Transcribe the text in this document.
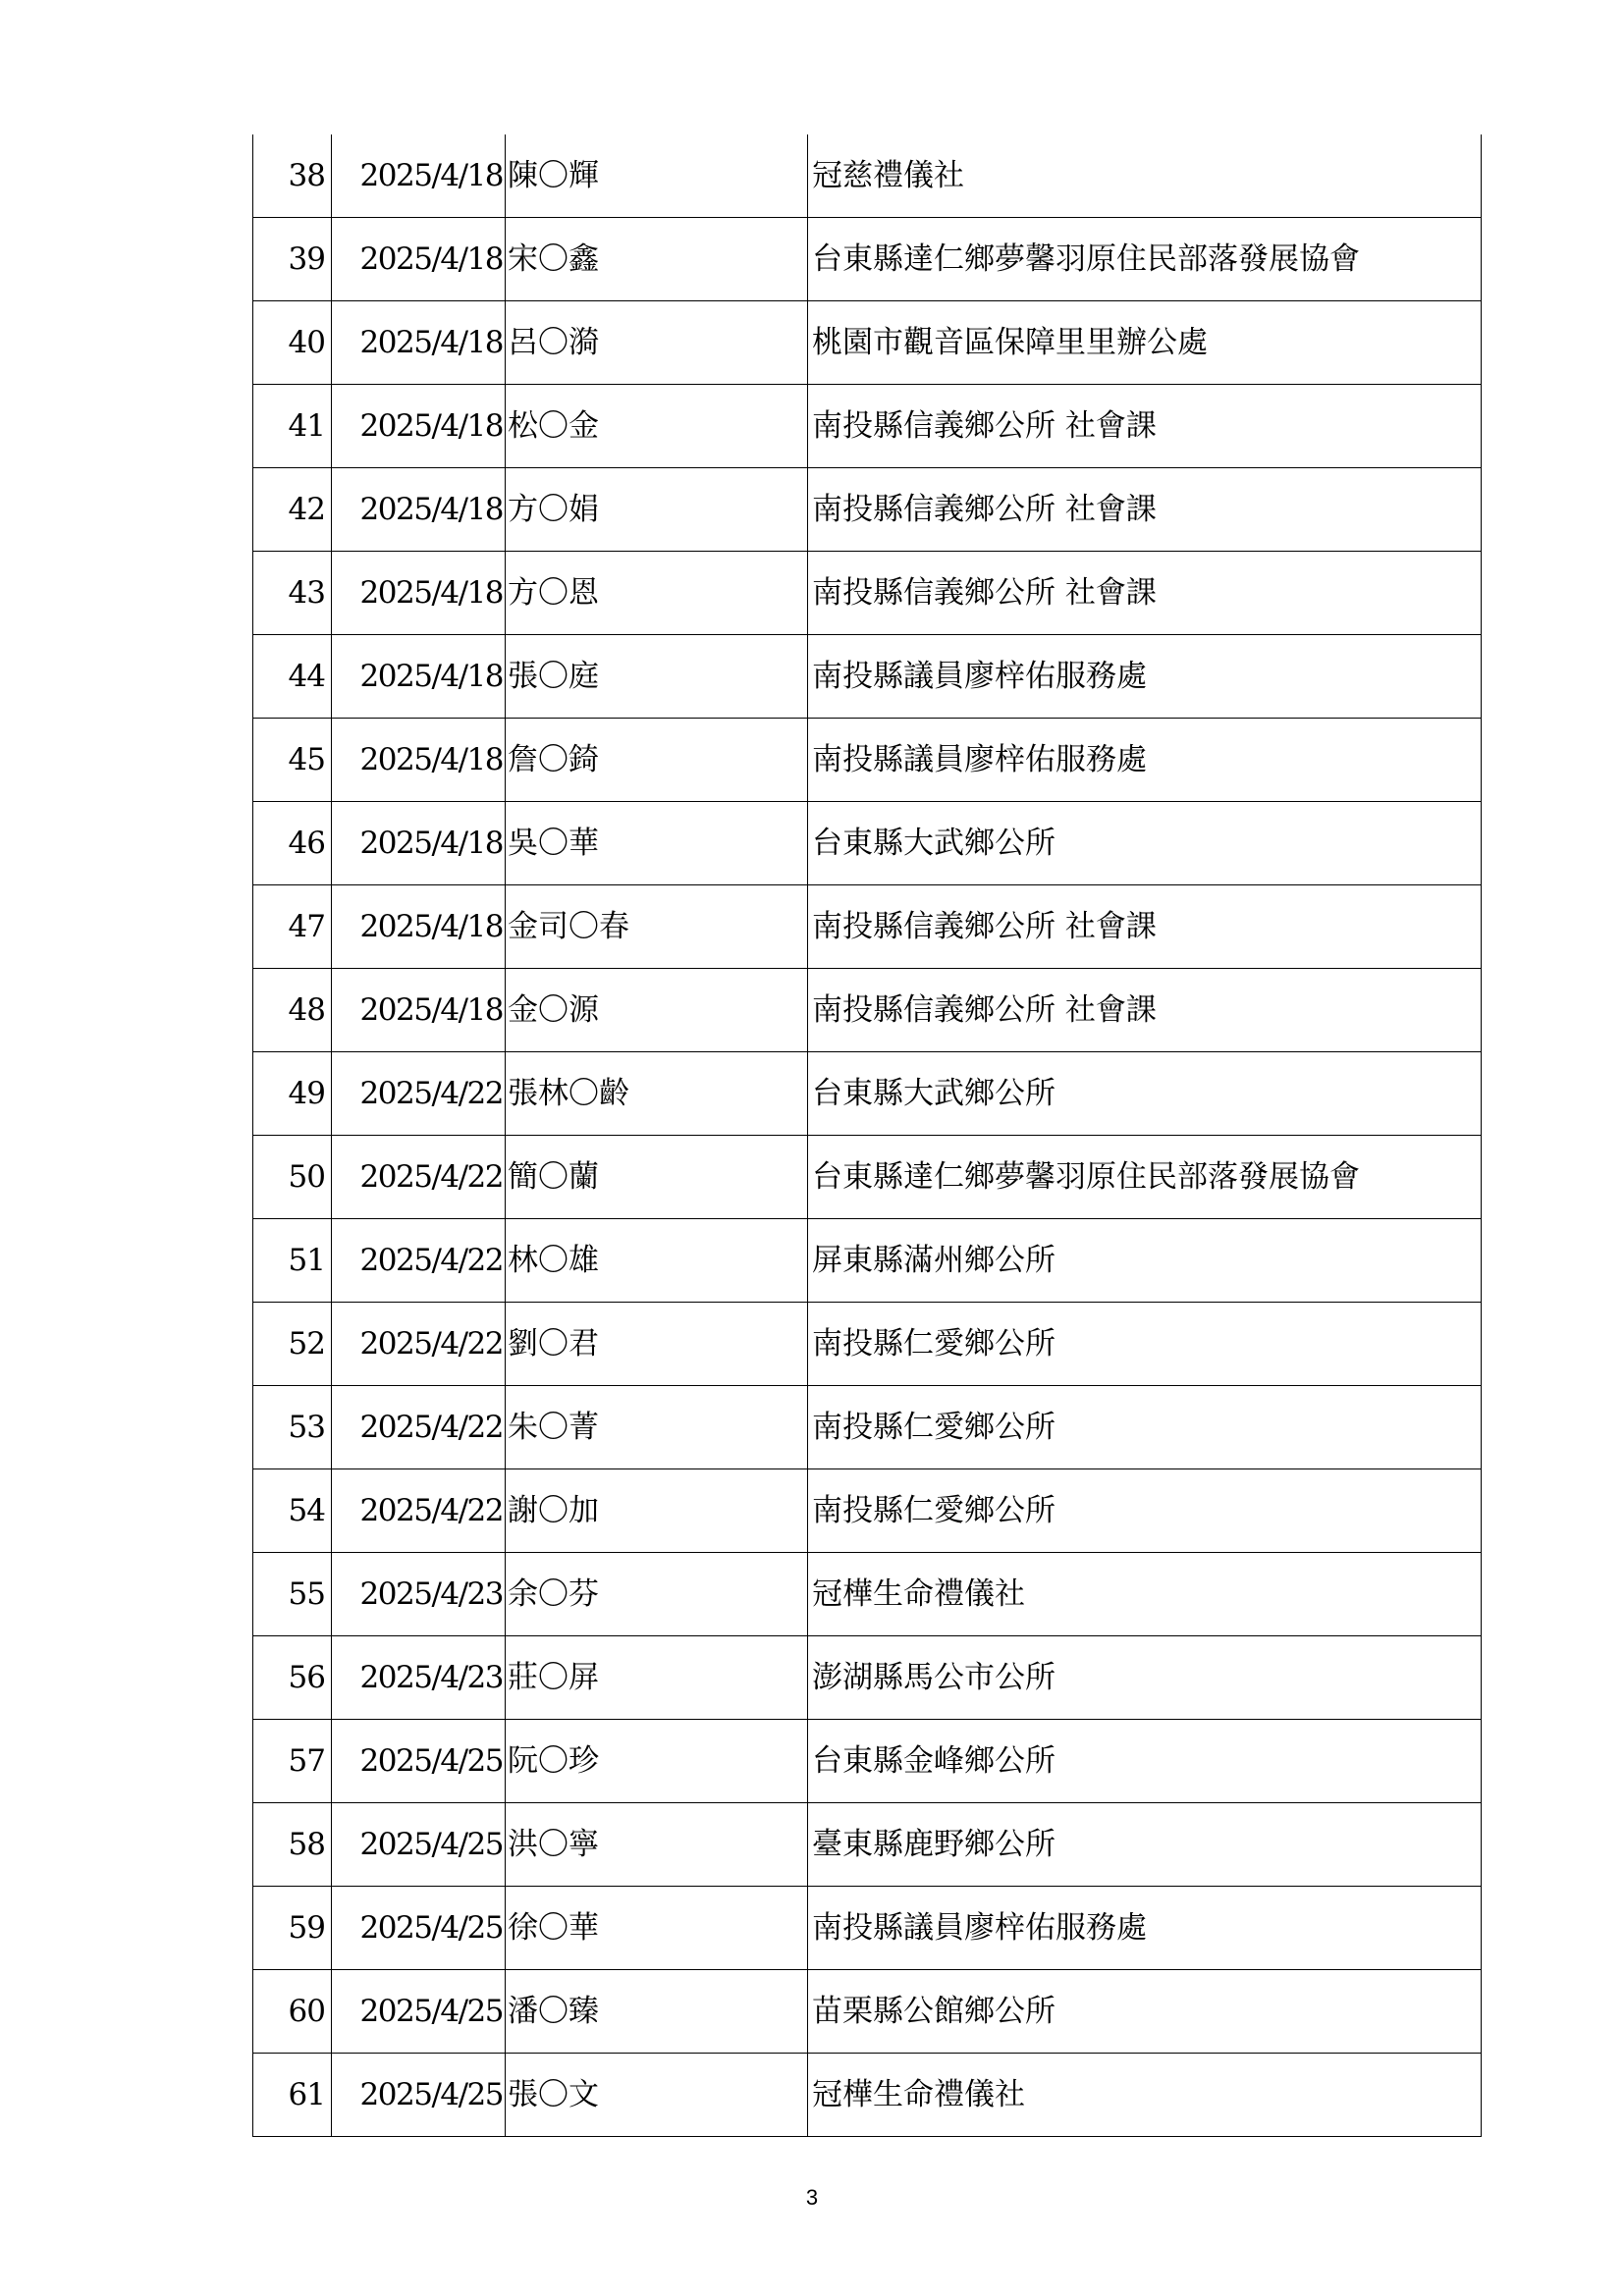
38	2025/4/18	陳〇輝	冠慈禮儀社
39	2025/4/18	宋〇鑫	台東縣達仁鄉夢馨羽原住民部落發展協會
40	2025/4/18	呂〇漪	桃園市觀音區保障里里辦公處
41	2025/4/18	松〇金	南投縣信義鄉公所 社會課
42	2025/4/18	方〇娟	南投縣信義鄉公所 社會課
43	2025/4/18	方〇恩	南投縣信義鄉公所 社會課
44	2025/4/18	張〇庭	南投縣議員廖梓佑服務處
45	2025/4/18	詹〇錡	南投縣議員廖梓佑服務處
46	2025/4/18	吳〇華	台東縣大武鄉公所
47	2025/4/18	金司〇春	南投縣信義鄉公所 社會課
48	2025/4/18	金〇源	南投縣信義鄉公所 社會課
49	2025/4/22	張林〇齡	台東縣大武鄉公所
50	2025/4/22	簡〇蘭	台東縣達仁鄉夢馨羽原住民部落發展協會
51	2025/4/22	林〇雄	屏東縣滿州鄉公所
52	2025/4/22	劉〇君	南投縣仁愛鄉公所
53	2025/4/22	朱〇菁	南投縣仁愛鄉公所
54	2025/4/22	謝〇加	南投縣仁愛鄉公所
55	2025/4/23	余〇芬	冠樺生命禮儀社
56	2025/4/23	莊〇屏	澎湖縣馬公市公所
57	2025/4/25	阮〇珍	台東縣金峰鄉公所
58	2025/4/25	洪〇寧	臺東縣鹿野鄉公所
59	2025/4/25	徐〇華	南投縣議員廖梓佑服務處
60	2025/4/25	潘〇臻	苗栗縣公館鄉公所
61	2025/4/25	張〇文	冠樺生命禮儀社
3
